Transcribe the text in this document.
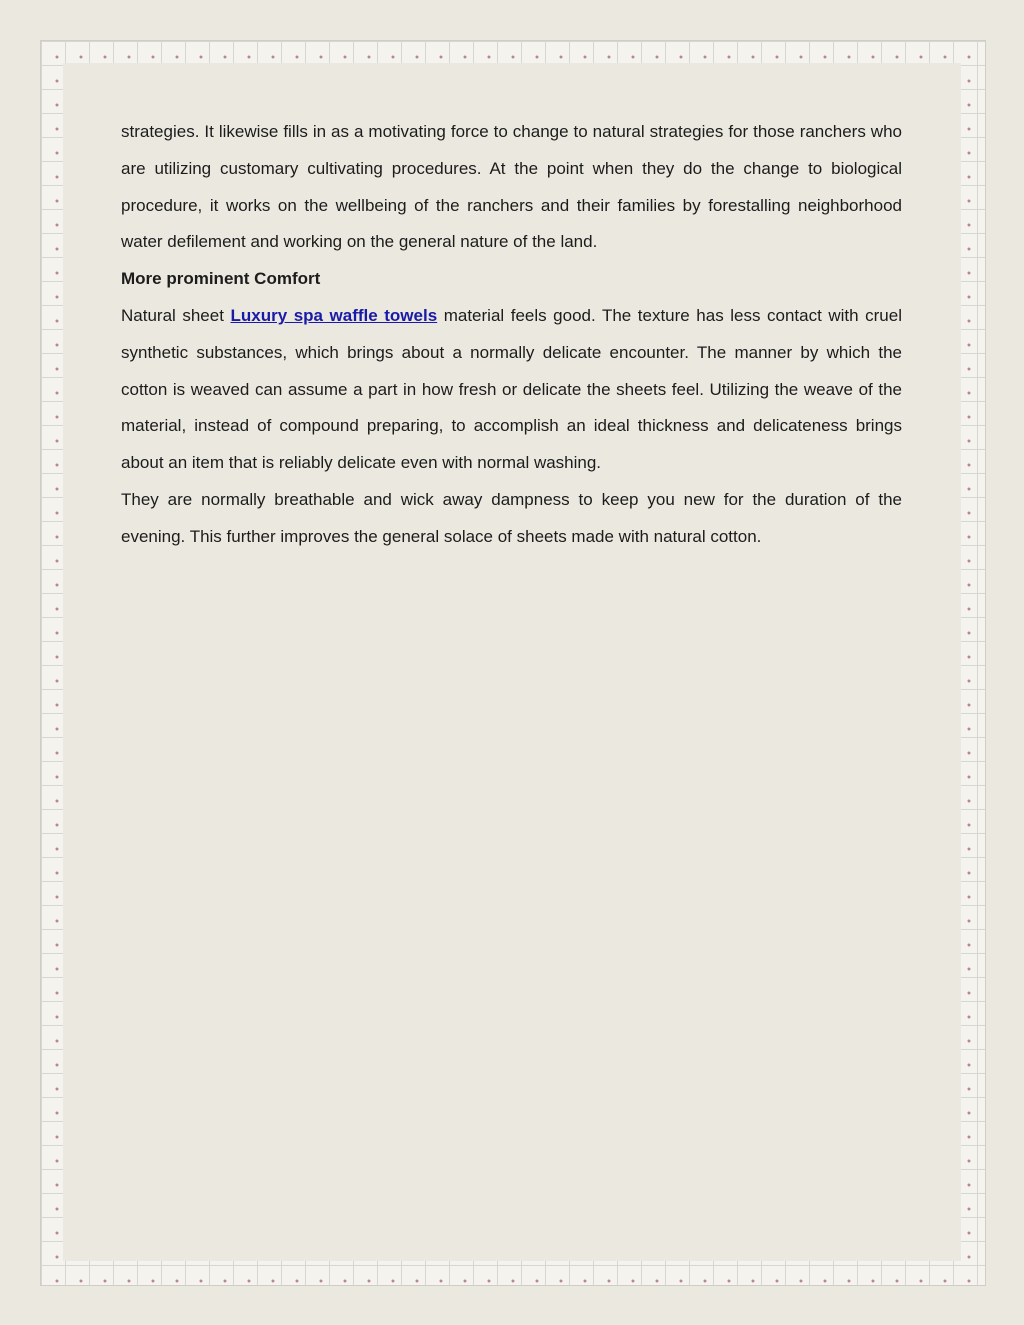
strategies. It likewise fills in as a motivating force to change to natural strategies for those ranchers who are utilizing customary cultivating procedures. At the point when they do the change to biological procedure, it works on the wellbeing of the ranchers and their families by forestalling neighborhood water defilement and working on the general nature of the land.

More prominent Comfort

Natural sheet Luxury spa waffle towels material feels good. The texture has less contact with cruel synthetic substances, which brings about a normally delicate encounter. The manner by which the cotton is weaved can assume a part in how fresh or delicate the sheets feel. Utilizing the weave of the material, instead of compound preparing, to accomplish an ideal thickness and delicateness brings about an item that is reliably delicate even with normal washing.

They are normally breathable and wick away dampness to keep you new for the duration of the evening. This further improves the general solace of sheets made with natural cotton.
